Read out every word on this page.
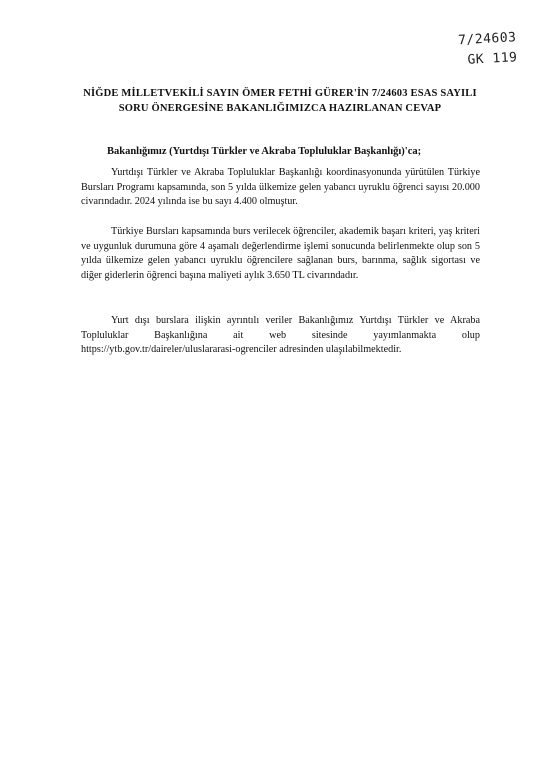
7/24603
GK 119
NİĞDE MİLLETVEKİLİ SAYIN ÖMER FETHİ GÜRER'İN 7/24603 ESAS SAYILI
SORU ÖNERGESİNE BAKANLIĞIMIZCA HAZIRLANAN CEVAP
Bakanlığımız (Yurtdışı Türkler ve Akraba Topluluklar Başkanlığı)'ca;

Yurtdışı Türkler ve Akraba Topluluklar Başkanlığı koordinasyonunda yürütülen Türkiye Bursları Programı kapsamında, son 5 yılda ülkemize gelen yabancı uyruklu öğrenci sayısı 20.000 civarındadır. 2024 yılında ise bu sayı 4.400 olmuştur.

Türkiye Bursları kapsamında burs verilecek öğrenciler, akademik başarı kriteri, yaş kriteri ve uygunluk durumuna göre 4 aşamalı değerlendirme işlemi sonucunda belirlenmekte olup son 5 yılda ülkemize gelen yabancı uyruklu öğrencilere sağlanan burs, barınma, sağlık sigortası ve diğer giderlerin öğrenci başına maliyeti aylık 3.650 TL civarındadır.

Yurt dışı burslara ilişkin ayrıntılı veriler Bakanlığımız Yurtdışı Türkler ve Akraba Topluluklar Başkanlığına ait web sitesinde yayımlanmakta olup https://ytb.gov.tr/daireler/uluslararasi-ogrenciler adresinden ulaşılabilmektedir.
